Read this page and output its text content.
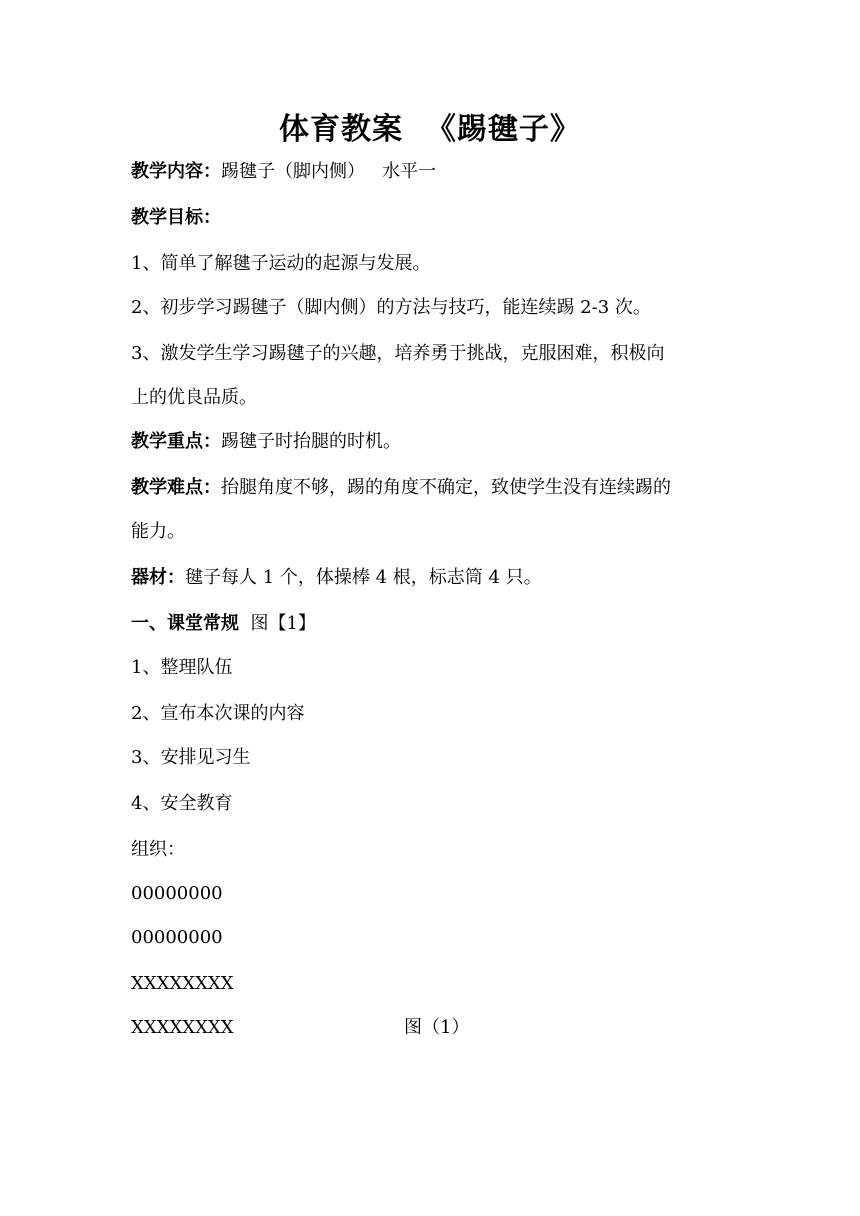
体育教案  《踢毽子》
教学内容：踢毽子（脚内侧）   水平一
教学目标：
1、简单了解毽子运动的起源与发展。
2、初步学习踢毽子（脚内侧）的方法与技巧，能连续踢 2-3 次。
3、激发学生学习踢毽子的兴趣，培养勇于挑战，克服困难，积极向
上的优良品质。
教学重点：踢毽子时抬腿的时机。
教学难点：抬腿角度不够，踢的角度不确定，致使学生没有连续踢的
能力。
器材：毽子每人 1 个，体操棒 4 根，标志筒 4 只。
一、课堂常规  图【1】
1、整理队伍
2、宣布本次课的内容
3、安排见习生
4、安全教育
组织：
00000000
00000000
XXXXXXXX
XXXXXXXX	图（1）
